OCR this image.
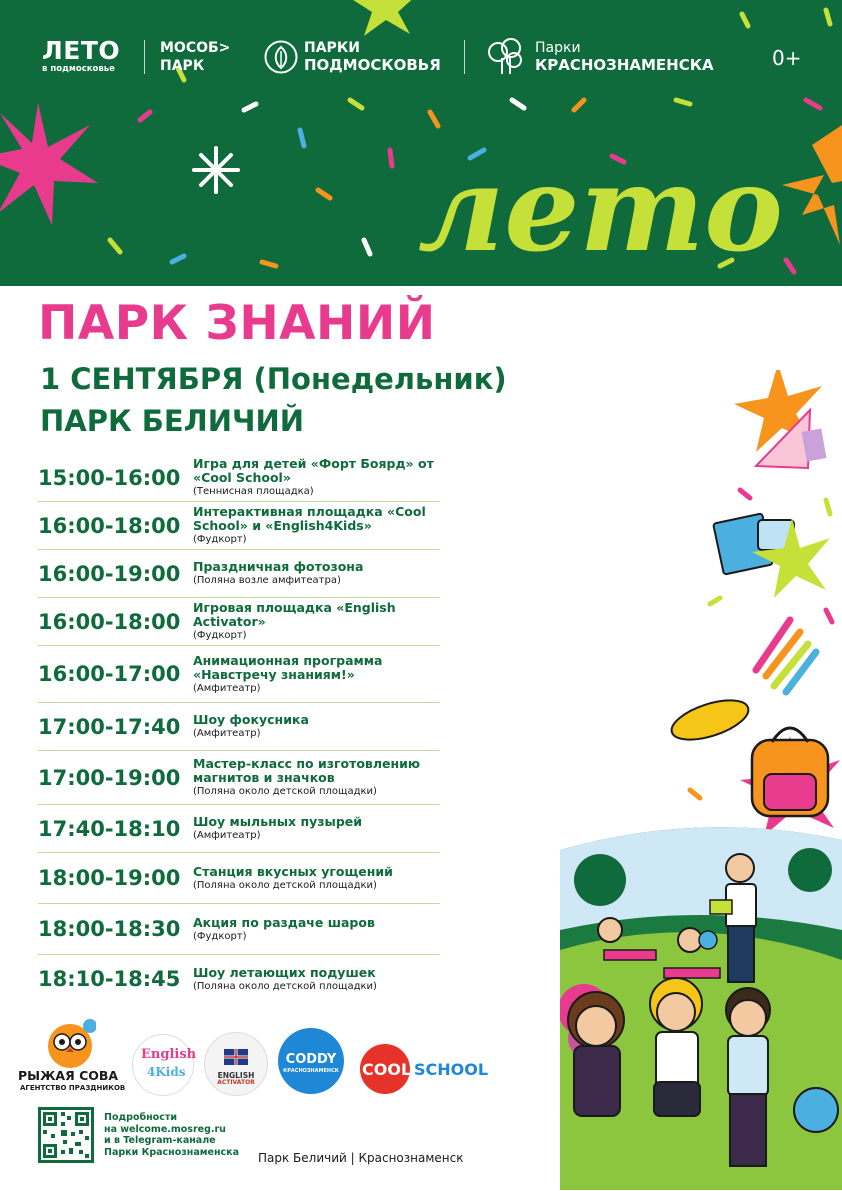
лето
ЛЕТО
в подмосковье
МОСОБ>
ПАРК
ПАРКИ
ПОДМОСКОВЬЯ
Парки
КРАСНОЗНАМЕНСКА	0+
ПАРК ЗНАНИЙ
1 СЕНТЯБРЯ (Понедельник)
ПАРК БЕЛИЧИЙ
15:00-16:00
Игра для детей «Форт Боярд» от «Cool School»
(Теннисная площадка)
16:00-18:00
Интерактивная площадка «Cool School» и «English4Kids»
(Фудкорт)
16:00-19:00 Праздничная фотозона
(Поляна возле амфитеатра)
16:00-18:00
Игровая площадка «English Activator»
(Фудкорт)
16:00-17:00
Анимационная программа «Навстречу знаниям!»
(Амфитеатр)
17:00-17:40 Шоу фокусника
(Амфитеатр)
17:00-19:00
Мастер-класс по изготовлению магнитов и значков
(Поляна около детской площадки)
17:40-18:10 Шоу мыльных пузырей
(Амфитеатр)
18:00-19:00 Станция вкусных угощений
(Поляна около детской площадки)
18:00-18:30 Акция по раздаче шаров
(Фудкорт)
18:10-18:45 Шоу летающих подушек
(Поляна около детской площадки)
РЫЖАЯ СОВА
АГЕНТСТВО ПРАЗДНИКОВ
English
4Kids	ENGLISH
ACTIVATOR
CODDY
КРАСНОЗНАМЕНСК	COOL SCHOOL
Подробности
на welcome.mosreg.ru
и в Telegram-канале
Парки Краснознаменска Парк Беличий | Краснознаменск
